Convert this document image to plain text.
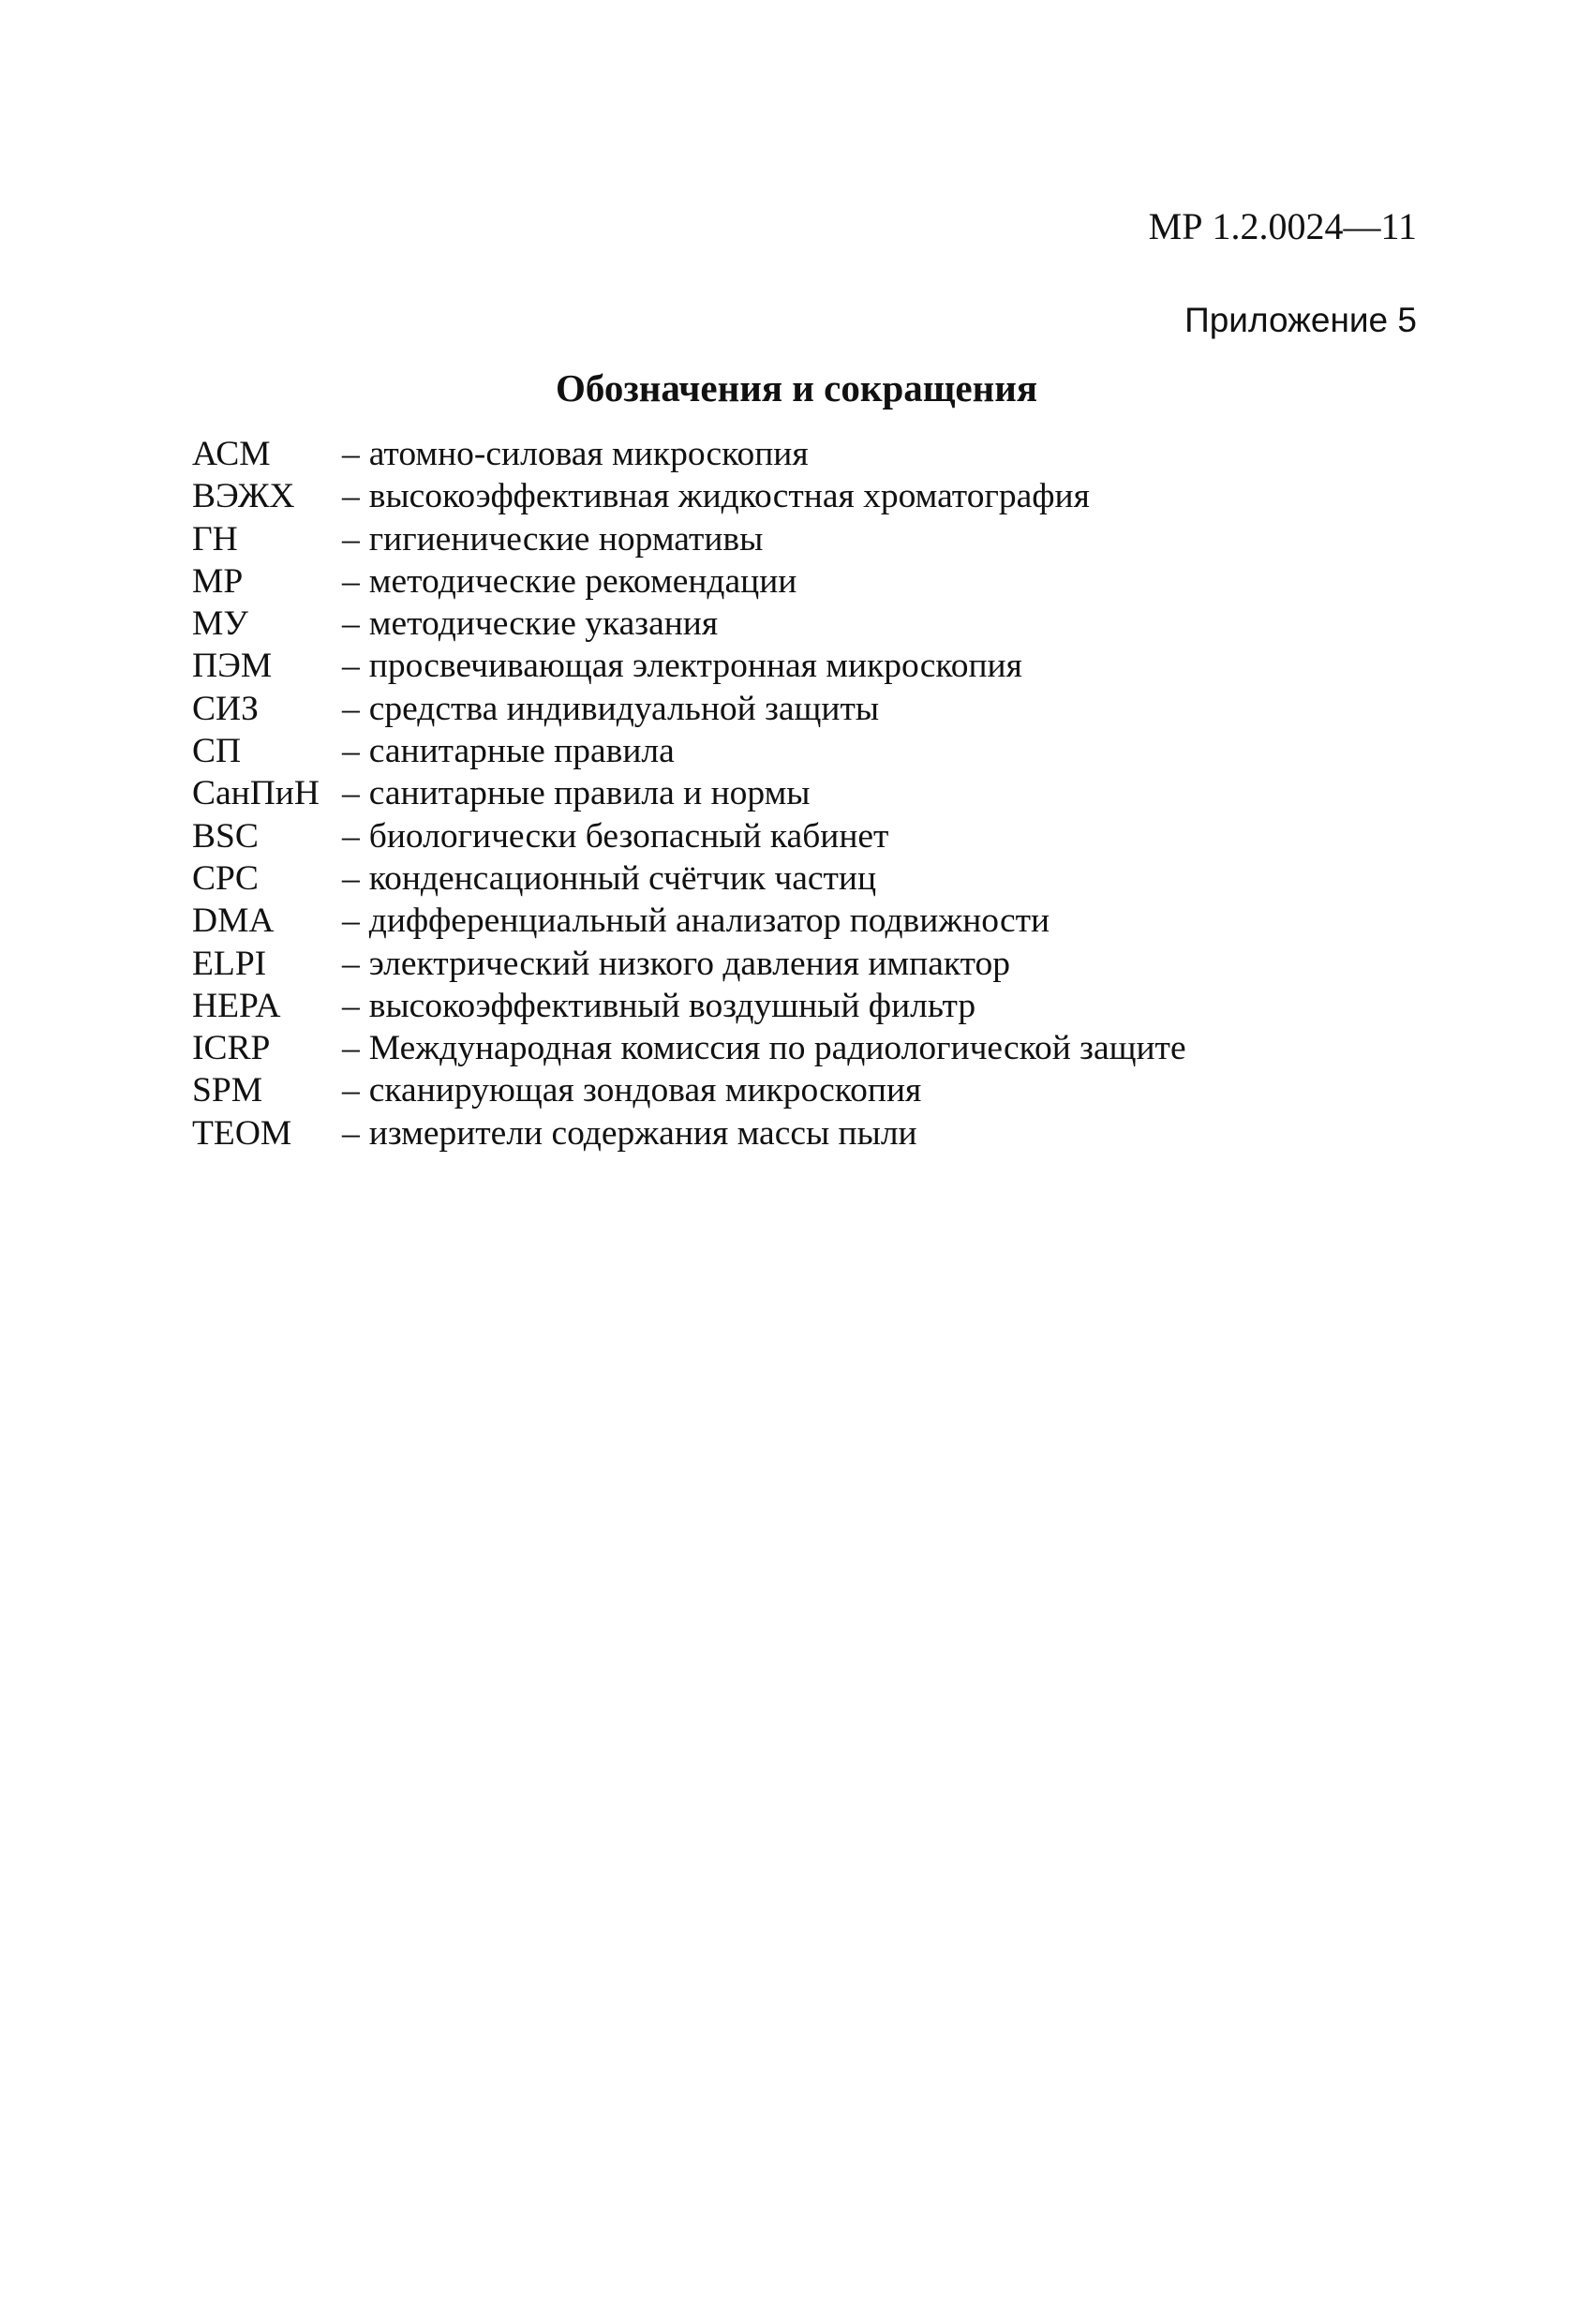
МР 1.2.0024—11
Приложение 5
Обозначения и сокращения
АСМ	– атомно-силовая микроскопия
ВЭЖХ	– высокоэффективная жидкостная хроматография
ГН	– гигиенические нормативы
МР	– методические рекомендации
МУ	– методические указания
ПЭМ	– просвечивающая электронная микроскопия
СИЗ	– средства индивидуальной защиты
СП	– санитарные правила
СанПиН – санитарные правила и нормы
BSC	– биологически безопасный кабинет
CPC	– конденсационный счётчик частиц
DMA	– дифференциальный анализатор подвижности
ELPI	– электрический низкого давления импактор
HEPA	– высокоэффективный воздушный фильтр
ICRP	– Международная комиссия по радиологической защите
SPM	– сканирующая зондовая микроскопия
TEOM	– измерители содержания массы пыли
